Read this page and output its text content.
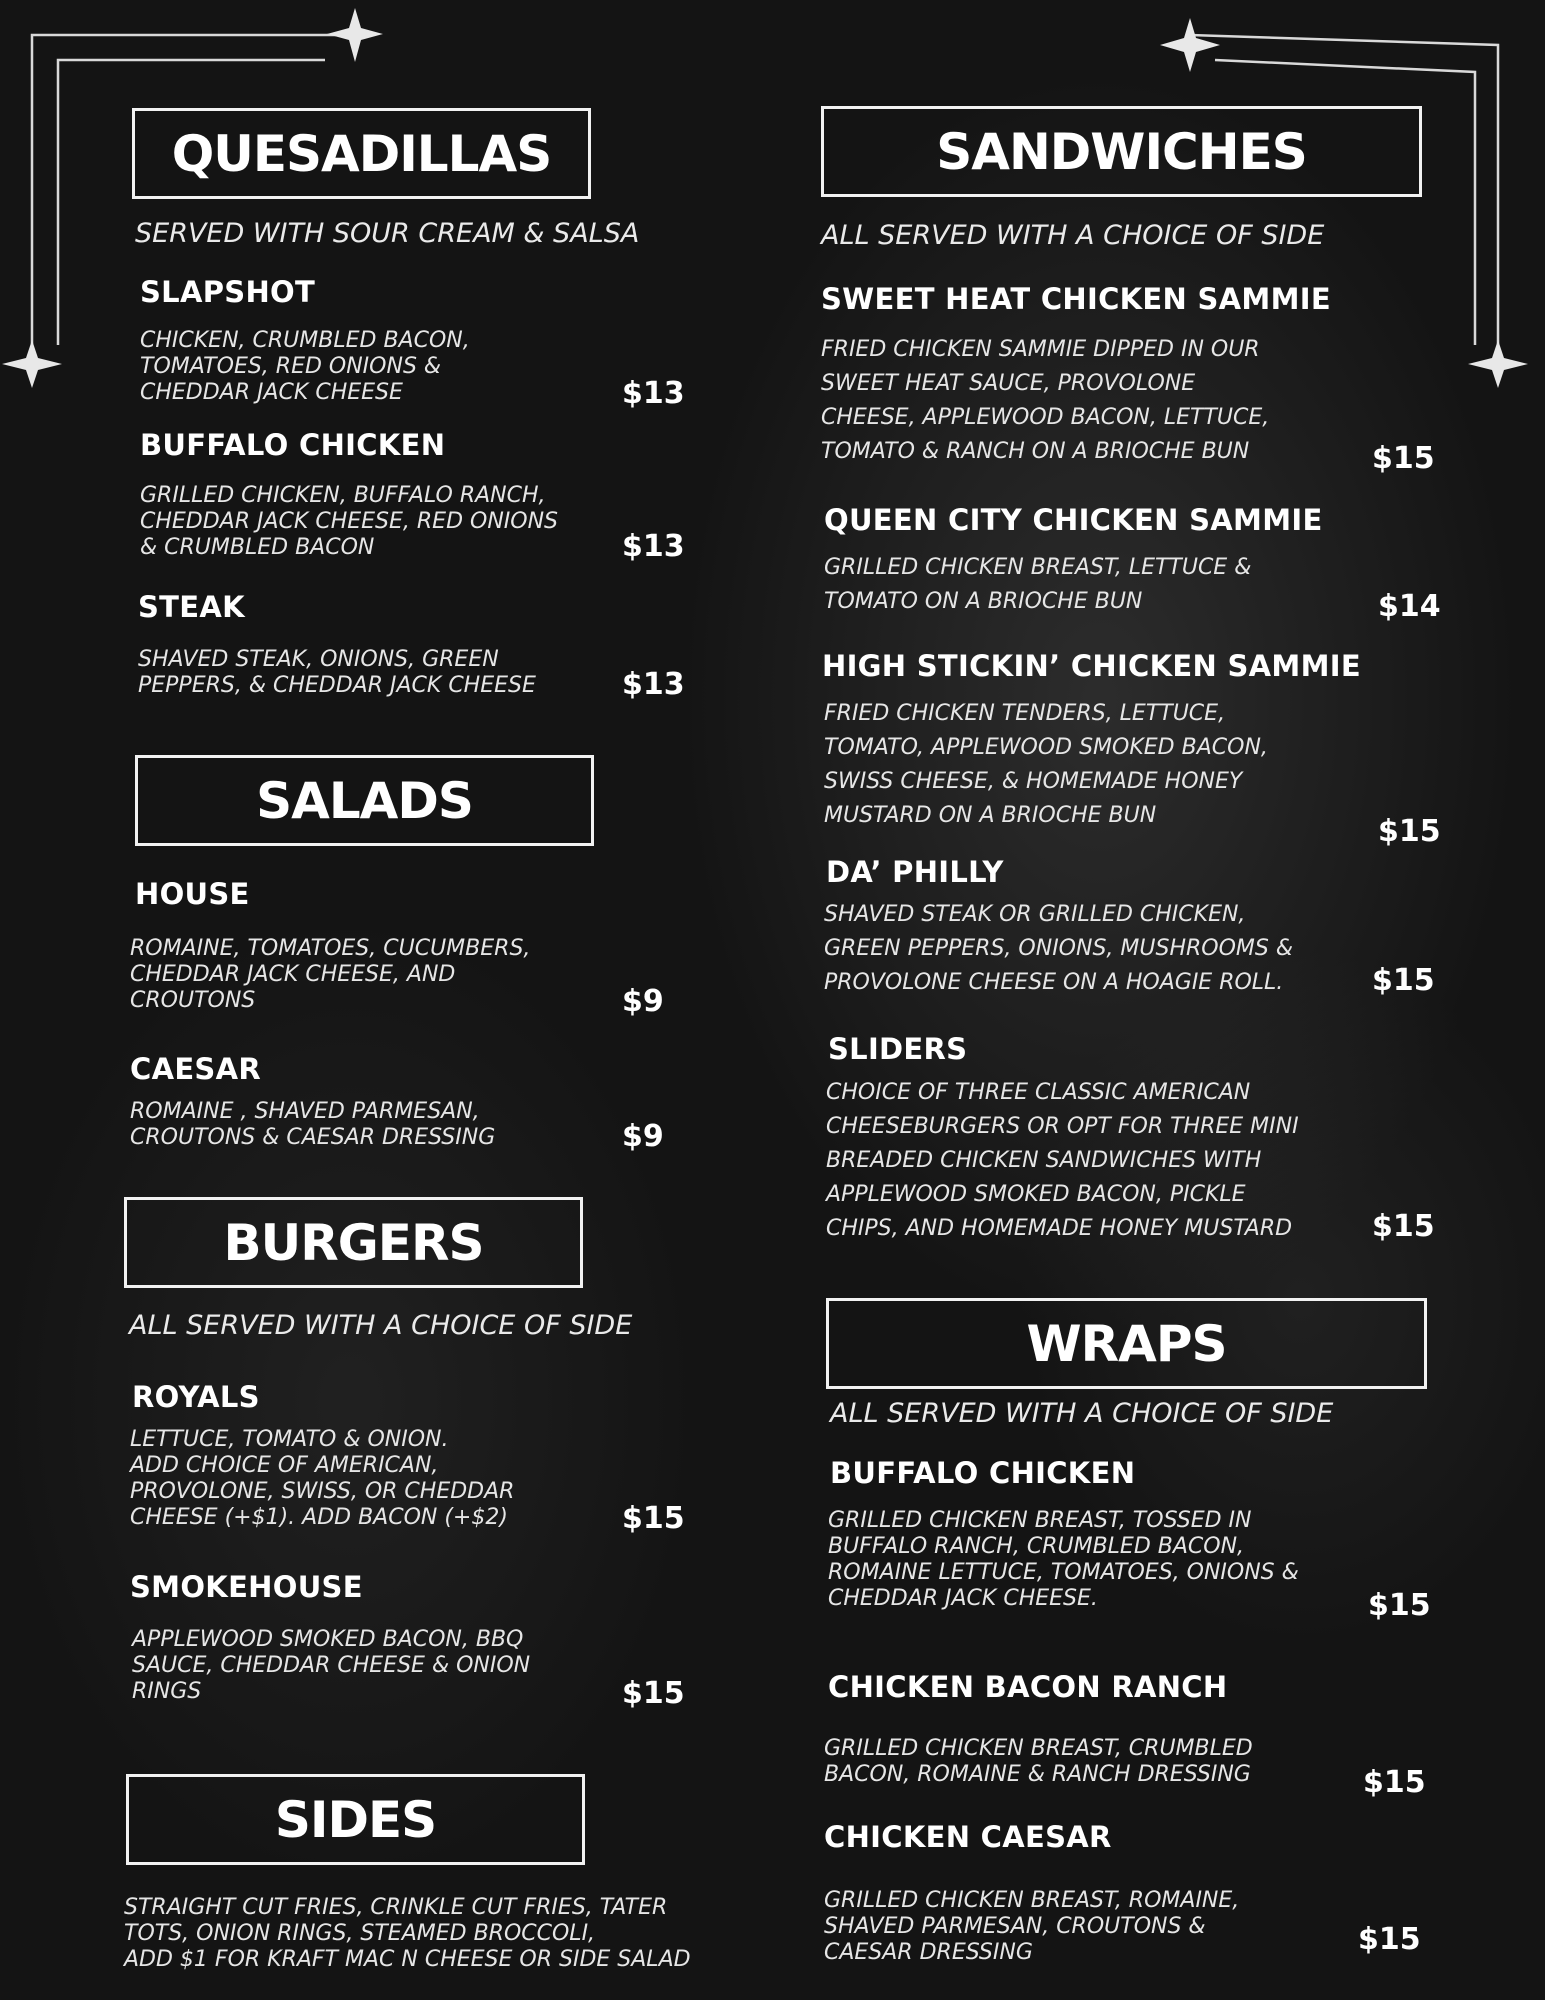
QUESADILLAS
SERVED WITH SOUR CREAM & SALSA
SLAPSHOT
CHICKEN, CRUMBLED BACON,
TOMATOES, RED ONIONS &
CHEDDAR JACK CHEESE	$13
BUFFALO CHICKEN
GRILLED CHICKEN, BUFFALO RANCH,
CHEDDAR JACK CHEESE, RED ONIONS
& CRUMBLED BACON	$13
STEAK
SHAVED STEAK, ONIONS, GREEN
PEPPERS, & CHEDDAR JACK CHEESE	$13
SALADS
HOUSE
ROMAINE, TOMATOES, CUCUMBERS,
CHEDDAR JACK CHEESE, AND
CROUTONS	$9
CAESAR
ROMAINE , SHAVED PARMESAN,
CROUTONS & CAESAR DRESSING	$9
BURGERS
ALL SERVED WITH A CHOICE OF SIDE
ROYALS
LETTUCE, TOMATO & ONION.
ADD CHOICE OF AMERICAN,
PROVOLONE, SWISS, OR CHEDDAR
CHEESE (+$1). ADD BACON (+$2)	$15
SMOKEHOUSE
APPLEWOOD SMOKED BACON, BBQ
SAUCE, CHEDDAR CHEESE & ONION
RINGS	$15
SIDES
STRAIGHT CUT FRIES, CRINKLE CUT FRIES, TATER
TOTS, ONION RINGS, STEAMED BROCCOLI,
ADD $1 FOR KRAFT MAC N CHEESE OR SIDE SALAD
SANDWICHES
ALL SERVED WITH A CHOICE OF SIDE
SWEET HEAT CHICKEN SAMMIE
FRIED CHICKEN SAMMIE DIPPED IN OUR
SWEET HEAT SAUCE, PROVOLONE
CHEESE, APPLEWOOD BACON, LETTUCE,
TOMATO & RANCH ON A BRIOCHE BUN	$15
QUEEN CITY CHICKEN SAMMIE
GRILLED CHICKEN BREAST, LETTUCE &
TOMATO ON A BRIOCHE BUN	$14
HIGH STICKIN’ CHICKEN SAMMIE
FRIED CHICKEN TENDERS, LETTUCE,
TOMATO, APPLEWOOD SMOKED BACON,
SWISS CHEESE, & HOMEMADE HONEY
MUSTARD ON A BRIOCHE BUN	$15
DA’ PHILLY
SHAVED STEAK OR GRILLED CHICKEN,
GREEN PEPPERS, ONIONS, MUSHROOMS &
PROVOLONE CHEESE ON A HOAGIE ROLL.	$15
SLIDERS
CHOICE OF THREE CLASSIC AMERICAN
CHEESEBURGERS OR OPT FOR THREE MINI
BREADED CHICKEN SANDWICHES WITH
APPLEWOOD SMOKED BACON, PICKLE
CHIPS, AND HOMEMADE HONEY MUSTARD	$15
WRAPS
ALL SERVED WITH A CHOICE OF SIDE
BUFFALO CHICKEN
GRILLED CHICKEN BREAST, TOSSED IN
BUFFALO RANCH, CRUMBLED BACON,
ROMAINE LETTUCE, TOMATOES, ONIONS &
CHEDDAR JACK CHEESE.	$15
CHICKEN BACON RANCH
GRILLED CHICKEN BREAST, CRUMBLED
BACON, ROMAINE & RANCH DRESSING	$15
CHICKEN CAESAR
GRILLED CHICKEN BREAST, ROMAINE,
SHAVED PARMESAN, CROUTONS &
CAESAR DRESSING	$15
